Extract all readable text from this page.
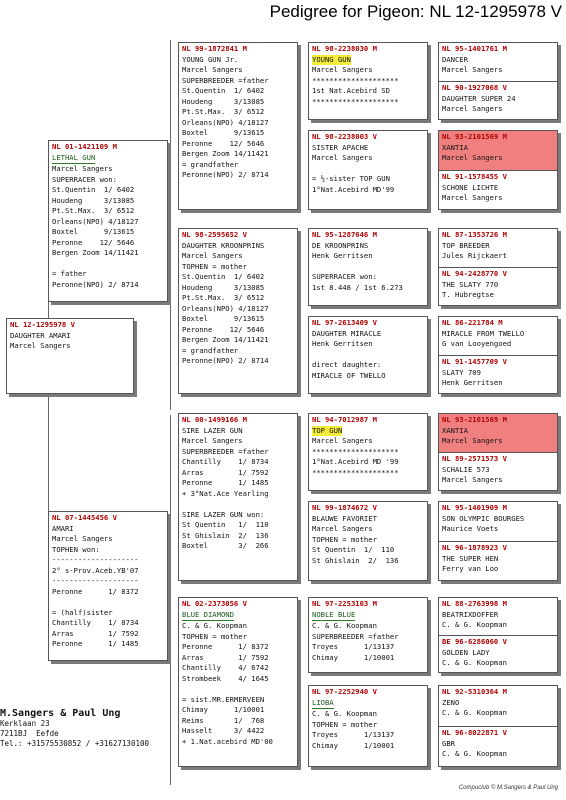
Pedigree for Pigeon: NL 12-1295978 V
NL 12-1295978 V
DAUGHTER AMARI
Marcel Sangers
NL 01-1421109 M
LETHAL GUN
Marcel Sangers
SUPERRACER won:
St.Quentin  1/ 6402
Houdeng     3/13085
Pt.St.Max.  3/ 6512
Orleans(NPO) 4/18127
Boxtel      9/13615
Peronne    12/ 5646
Bergen Zoom 14/11421

= father
Peronne(NPO) 2/ 8714
NL 07-1445456 V
AMARI
Marcel Sangers
TOPHEN won:
--------------------
2° s-Prov.Aceb.YB'07
--------------------
Peronne      1/ 8372

= (half)sister
Chantilly    1/ 8734
Arras        1/ 7592
Peronne      1/ 1485
NL 99-1872841 M
YOUNG GUN Jr.
Marcel Sangers
SUPERBREEDER =father
St.Quentin  1/ 6402
Houdeng     3/13085
Pt.St.Max.  3/ 6512
Orleans(NPO) 4/18127
Boxtel      9/13615
Peronne    12/ 5646
Bergen Zoom 14/11421
= grandfather
Peronne(NPO) 2/ 8714
NL 98-2595652 V
DAUGHTER KROONPRINS
Marcel Sangers
TOPHEN = mother
St.Quentin  1/ 6402
Houdeng     3/13085
Pt.St.Max.  3/ 6512
Orleans(NPO) 4/18127
Boxtel      9/13615
Peronne    12/ 5646
Bergen Zoom 14/11421
= grandfather
Peronne(NPO) 2/ 8714
NL 00-1499166 M
SIRE LAZER GUN
Marcel Sangers
SUPERBREEDER =father
Chantilly    1/ 8734
Arras        1/ 7592
Peronne      1/ 1485
+ 3°Nat.Ace Yearling

SIRE LAZER GUN won:
St Quentin   1/  110
St Ghislain  2/  136
Boxtel       3/  266
NL 02-2373056 V
BLUE DIAMOND
C. & G. Koopman
TOPHEN = mother
Peronne      1/ 8372
Arras        1/ 7592
Chantilly    4/ 6742
Strombeek    4/ 1645

= sist.MR.ERMERVEEN
Chimay      1/10001
Reims       1/  768
Hasselt     3/ 4422
+ 1.Nat.acebird MD'00
NL 98-2238030 M
YOUNG GUN
Marcel Sangers
********************
1st Nat.Acebird SD
********************
NL 98-2238003 V
SISTER APACHE
Marcel Sangers

= ½-sister TOP GUN
1°Nat.Acebird MD'99
NL 95-1287646 M
DE KROONPRINS
Henk Gerritsen

SUPERRACER won:
1st 8.448 / 1st 6.273
NL 97-2613409 V
DAUGHTER MIRACLE
Henk Gerritsen

direct daughter:
MIRACLE OF TWELLO
NL 94-7012987 M
TOP GUN
Marcel Sangers
********************
1°Nat.Acebird MD '99
********************
NL 99-1874672 V
BLAUWE FAVORIET
Marcel Sangers
TOPHEN = mother
St Quentin  1/  110
St Ghislain  2/  136
NL 97-2253103 M
NOBLE BLUE
C. & G. Koopman
SUPERBREEDER =father
Troyes      1/13137
Chimay      1/10001
NL 97-2252940 V
LIOBA
C. & G. Koopman
TOPHEN = mother
Troyes      1/13137
Chimay      1/10001
NL 95-1401761 M
DANCER
Marcel Sangers
NL 90-1927068 V
DAUGHTER SUPER 24
Marcel Sangers
NL 93-2101569 M
XANTIA
Marcel Sangers
NL 91-1578455 V
SCHONE LICHTE
Marcel Sangers
NL 87-1353726 M
TOP BREEDER
Jules Rijckaert
NL 94-2428770 V
THE SLATY 770
T. Hubregtse
NL 86-221784 M
MIRACLE FROM TWELLO
G van Looyengoed
NL 91-1457709 V
SLATY 709
Henk Gerritsen
NL 93-2101569 M
XANTIA
Marcel Sangers
NL 89-2571573 V
SCHALIE 573
Marcel Sangers
NL 95-1401909 M
SON OLYMPIC BOURGES
Maurice Voets
NL 96-1878923 V
THE SUPER HEN
Ferry van Loo
NL 88-2763998 M
BEATRIXDOFFER
C. & G. Koopman
BE 96-6286060 V
GOLDEN LADY
C. & G. Koopman
NL 92-5310364 M
ZENO
C. & G. Koopman
NL 96-8022871 V
GBR
C. & G. Koopman
M.Sangers & Paul Ung
Kerklaan 23
7211BJ  Eefde
Tel.: +31575530852 / +31627130100
Compuclub © M.Sangers & Paul Ung
